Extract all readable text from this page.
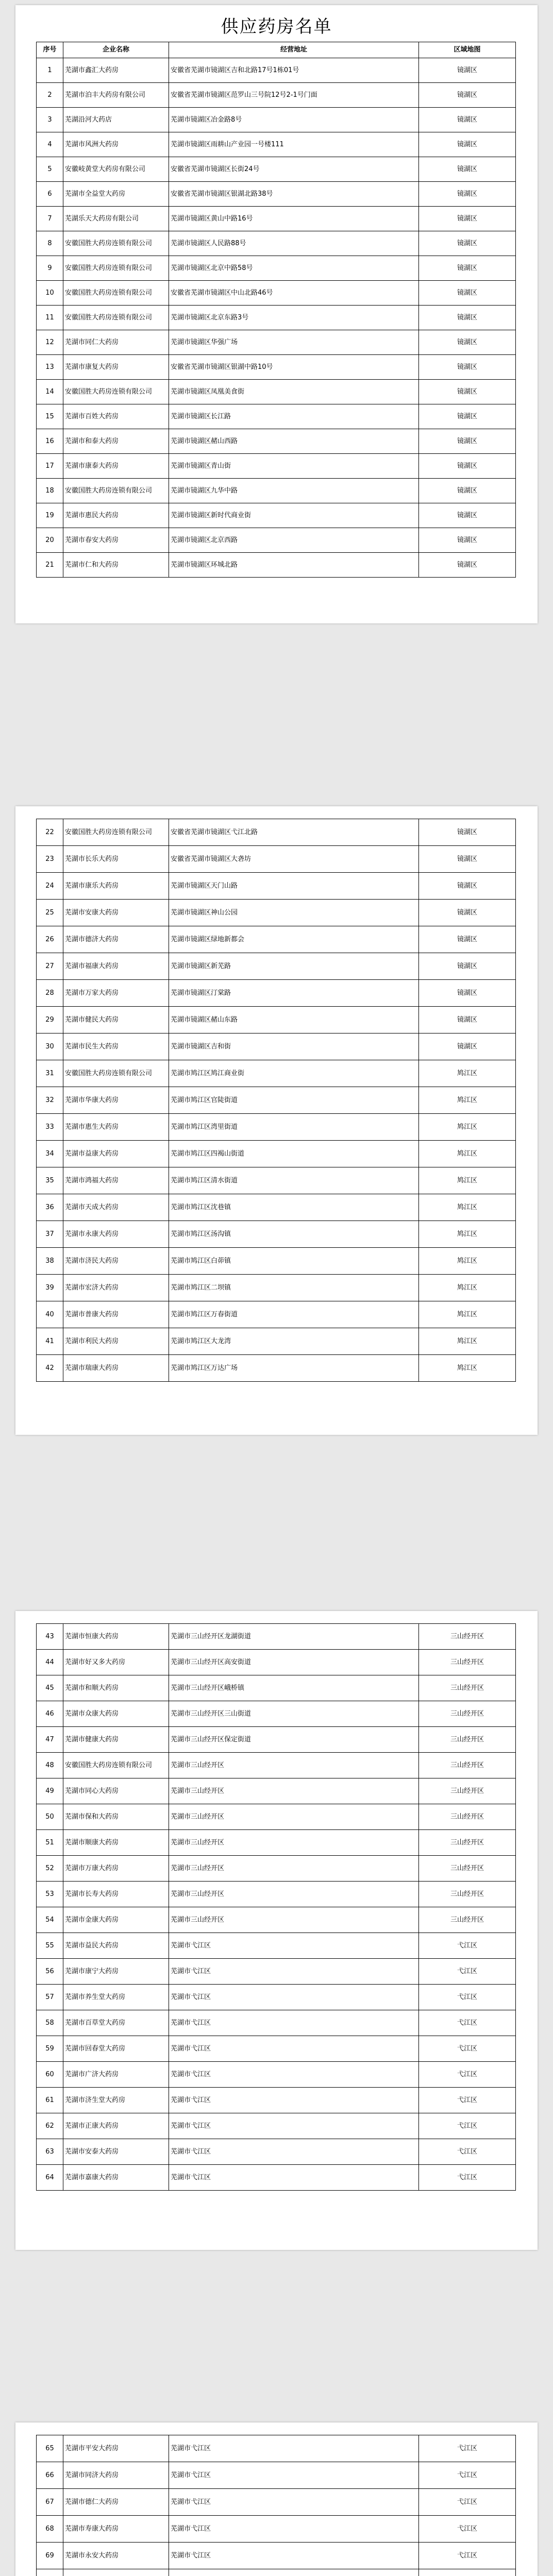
供应药房名单
序号	企业名称	经营地址	区域地图
1	芜湖市鑫汇大药房	安徽省芜湖市镜湖区吉和北路17号1栋01号	镜湖区
2	芜湖市泊丰大药房有限公司	安徽省芜湖市镜湖区范罗山三号院12号2-1号门面	镜湖区
3	芜湖沿河大药店	芜湖市镜湖区冶金路8号	镜湖区
4	芜湖市风洲大药房	芜湖市镜湖区雨耕山产业园一号楼111	镜湖区
5	安徽岐黄堂大药房有限公司	安徽省芜湖市镜湖区长街24号	镜湖区
6	芜湖市全益堂大药房	安徽省芜湖市镜湖区银湖北路38号	镜湖区
7	芜湖乐天大药房有限公司	芜湖市镜湖区黄山中路16号	镜湖区
8	安徽国胜大药房连锁有限公司	芜湖市镜湖区人民路88号	镜湖区
9	安徽国胜大药房连锁有限公司	芜湖市镜湖区北京中路58号	镜湖区
10	安徽国胜大药房连锁有限公司	安徽省芜湖市镜湖区中山北路46号	镜湖区
11	安徽国胜大药房连锁有限公司	芜湖市镜湖区北京东路3号	镜湖区
12	芜湖市同仁大药房	芜湖市镜湖区华强广场	镜湖区
13	芜湖市康复大药房	安徽省芜湖市镜湖区银湖中路10号	镜湖区
14	安徽国胜大药房连锁有限公司	芜湖市镜湖区凤凰美食街	镜湖区
15	芜湖市百姓大药房	芜湖市镜湖区长江路	镜湖区
16	芜湖市和泰大药房	芜湖市镜湖区赭山西路	镜湖区
17	芜湖市康泰大药房	芜湖市镜湖区青山街	镜湖区
18	安徽国胜大药房连锁有限公司	芜湖市镜湖区九华中路	镜湖区
19	芜湖市惠民大药房	芜湖市镜湖区新时代商业街	镜湖区
20	芜湖市春安大药房	芜湖市镜湖区北京西路	镜湖区
21	芜湖市仁和大药房	芜湖市镜湖区环城北路	镜湖区
22	安徽国胜大药房连锁有限公司	安徽省芜湖市镜湖区弋江北路	镜湖区
23	芜湖市长乐大药房	安徽省芜湖市镜湖区大砻坊	镜湖区
24	芜湖市康乐大药房	芜湖市镜湖区天门山路	镜湖区
25	芜湖市安康大药房	芜湖市镜湖区神山公园	镜湖区
26	芜湖市德济大药房	芜湖市镜湖区绿地新都会	镜湖区
27	芜湖市福康大药房	芜湖市镜湖区新芜路	镜湖区
28	芜湖市万家大药房	芜湖市镜湖区汀棠路	镜湖区
29	芜湖市健民大药房	芜湖市镜湖区赭山东路	镜湖区
30	芜湖市民生大药房	芜湖市镜湖区吉和街	镜湖区
31	安徽国胜大药房连锁有限公司	芜湖市鸠江区鸠江商业街	鸠江区
32	芜湖市华康大药房	芜湖市鸠江区官陡街道	鸠江区
33	芜湖市惠生大药房	芜湖市鸠江区湾里街道	鸠江区
34	芜湖市益康大药房	芜湖市鸠江区四褐山街道	鸠江区
35	芜湖市鸿福大药房	芜湖市鸠江区清水街道	鸠江区
36	芜湖市天成大药房	芜湖市鸠江区沈巷镇	鸠江区
37	芜湖市永康大药房	芜湖市鸠江区汤沟镇	鸠江区
38	芜湖市济民大药房	芜湖市鸠江区白茆镇	鸠江区
39	芜湖市宏济大药房	芜湖市鸠江区二坝镇	鸠江区
40	芜湖市普康大药房	芜湖市鸠江区万春街道	鸠江区
41	芜湖市利民大药房	芜湖市鸠江区大龙湾	鸠江区
42	芜湖市瑞康大药房	芜湖市鸠江区万达广场	鸠江区
43	芜湖市恒康大药房	芜湖市三山经开区龙湖街道	三山经开区
44	芜湖市好又多大药房	芜湖市三山经开区高安街道	三山经开区
45	芜湖市和顺大药房	芜湖市三山经开区峨桥镇	三山经开区
46	芜湖市众康大药房	芜湖市三山经开区三山街道	三山经开区
47	芜湖市健康大药房	芜湖市三山经开区保定街道	三山经开区
48	安徽国胜大药房连锁有限公司	芜湖市三山经开区	三山经开区
49	芜湖市同心大药房	芜湖市三山经开区	三山经开区
50	芜湖市保和大药房	芜湖市三山经开区	三山经开区
51	芜湖市顺康大药房	芜湖市三山经开区	三山经开区
52	芜湖市万康大药房	芜湖市三山经开区	三山经开区
53	芜湖市长寿大药房	芜湖市三山经开区	三山经开区
54	芜湖市金康大药房	芜湖市三山经开区	三山经开区
55	芜湖市益民大药房	芜湖市弋江区	弋江区
56	芜湖市康宁大药房	芜湖市弋江区	弋江区
57	芜湖市养生堂大药房	芜湖市弋江区	弋江区
58	芜湖市百草堂大药房	芜湖市弋江区	弋江区
59	芜湖市回春堂大药房	芜湖市弋江区	弋江区
60	芜湖市广济大药房	芜湖市弋江区	弋江区
61	芜湖市济生堂大药房	芜湖市弋江区	弋江区
62	芜湖市正康大药房	芜湖市弋江区	弋江区
63	芜湖市安泰大药房	芜湖市弋江区	弋江区
64	芜湖市嘉康大药房	芜湖市弋江区	弋江区
65	芜湖市平安大药房	芜湖市弋江区	弋江区
66	芜湖市同济大药房	芜湖市弋江区	弋江区
67	芜湖市德仁大药房	芜湖市弋江区	弋江区
68	芜湖市寿康大药房	芜湖市弋江区	弋江区
69	芜湖市永安大药房	芜湖市弋江区	弋江区
